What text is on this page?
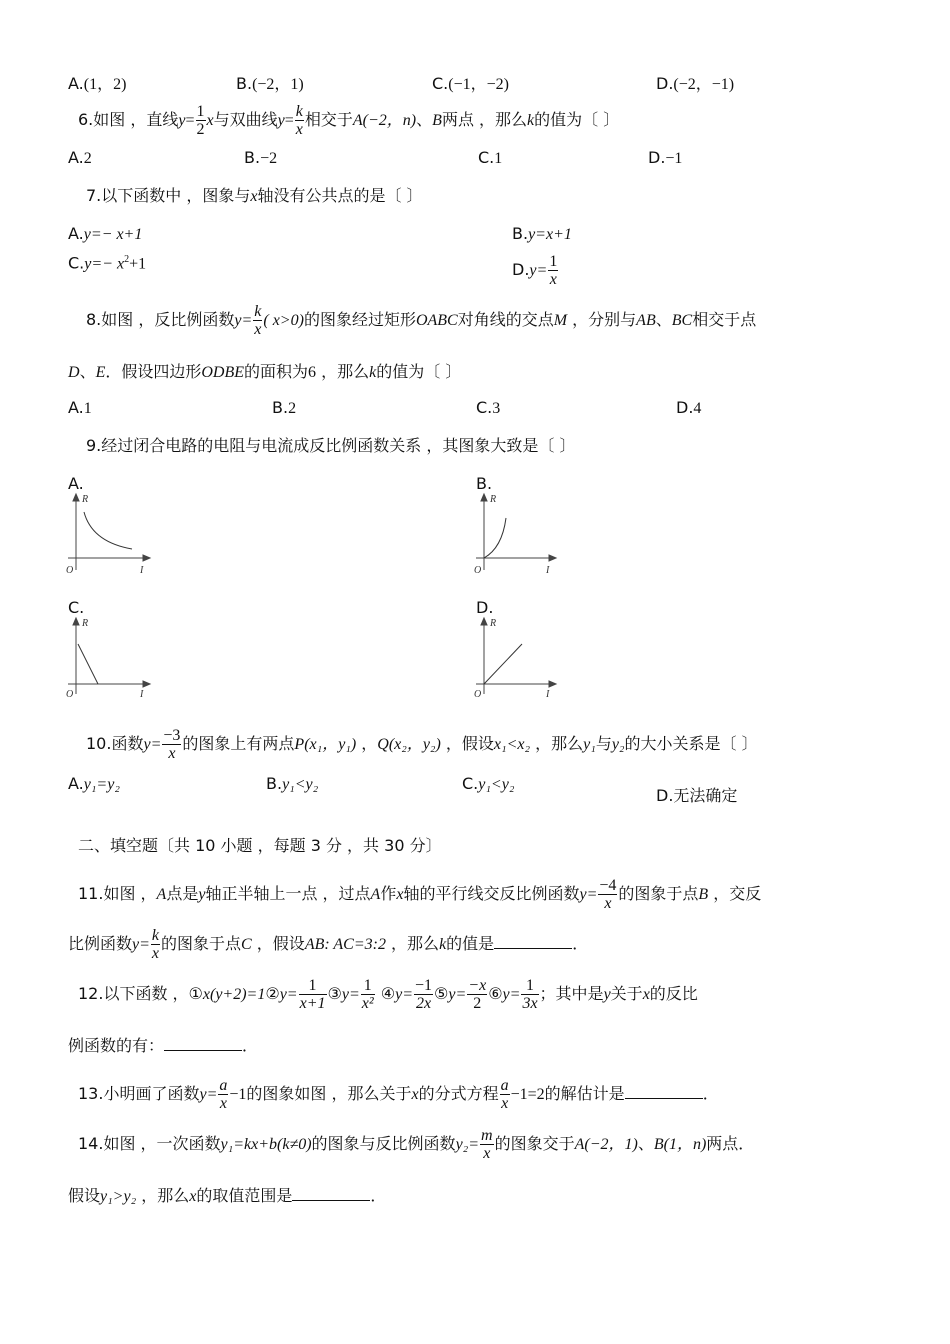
A.(1，2)	B.(−2，1)	C.(−1，−2)	D.(−2，−1)
6.如图 ，直线$y= \frac{1}{2}$ x与双曲线$y= \frac{k}{x}$ 相交于A(−2，n)、B两点 ，那么k的值为〔 〕
A.2	B.−2	C.1	D.−1
7.以下函数中 ，图象与x轴没有公共点的是〔 〕
A.y=− x+1	B.y=x+1
$C.y=- x^2+1$	$D.y= \frac{1}{x}$
8.如图 ，反比例函数$y= \frac{k}{x}$ ( x>0)的图象经过矩形OABC对角线的交点M ，分别与AB、BC相交于点
D、E．假设四边形ODBE的面积为6 ，那么k的值为〔 〕
A.1	B.2	C.3	D.4
9.经过闭合电路的电阻与电流成反比例函数关系 ，其图象大致是〔 〕
A.
R
I
O
B.
R
I
O
C.
R
I
O
D.
R
I
O
10.函数$y= \frac{-3}{x}$ 的图象上有两点P(x₁，y₁) ，Q(x₂，y₂) ，假设x₁<x₂ ，那么y₁与y₂的大小关系是〔 〕
A.y₁=y₂	B.y₁<y₂	C.y₁<y₂
D.无法确定
二、填空题〔共 10 小题 ，每题 3 分 ，共 30 分〕
11.如图 ，A点是y轴正半轴上一点 ，过点A作x轴的平行线交反比例函数$y= \frac{-4}{x}$ 的图象于点B ，交反
比例函数$y= \frac{k}{x}$ 的图象于点C ，假设AB: AC=3:2 ，那么k的值是	．
12.以下函数 ，①x(y+2)=1②y= $\frac{1}{x+1}$ ③y= $\frac{1}{\text{x²}}$ ④y= $\frac{-1}{2x}$ ⑤y= $\frac{-x}{2}$ ⑥y= $\frac{1}{3x}$ ；其中是y关于x的反比
例函数的有：	．
13.小明画了函数$y= \frac{a}{x} -1$的图象如图 ，那么关于x的分式方程 $\frac{a}{x} -1=2$的解估计是	．
14.如图 ，一次函数y₁=kx+b(k≠0)的图象与反比例函数$y_2= \frac{m}{x}$ 的图象交于A(−2，1)、B(1，n)两点．
假设y₁>y₂ ，那么x的取值范围是	．
